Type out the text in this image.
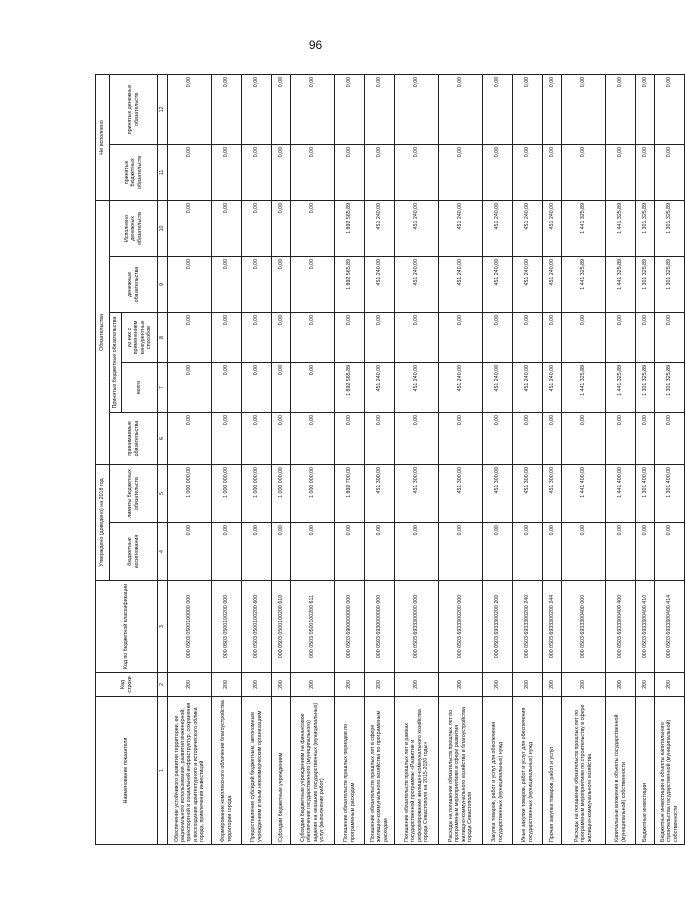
96
Наименование показателя	Код строки	Код по бюджетной классификации	Утверждено (доведено) на 2018 год		Обязательства					Не исполнено	
			бюджетные ассигнования	лимиты бюджетных обязательств	принимаемые обязательства	Принятые бюджетные обязательства		денежные обязательства	Исполнено денежных обязательств	принятых бюджетных обязательств	принятых денежных обязательств
						всего	из них с применением конкурентных способов				
1	2	3	4	5	6	7	8	9	10	11	12
Обеспечение устойчивого развития территории, ее рационального использования, развития инженерной, транспортной и социальной инфраструктур, сохранения и воссоздания архитектурного и исторического облика города, привлечения инвестиций	200	000 0503 0500100000 000	0,00	1 000 000,00	0,00	0,00	0,00	0,00	0,00	0,00	0,00
Формирование комплексного облачения благоустройства территории города	200	000 0503 0500100200 000	0,00	1 000 000,00	0,00	0,00	0,00	0,00	0,00	0,00	0,00
Предоставление субсидий бюджетным, автономным учреждениям и иным некоммерческим организациям	200	000 0503 0500100200 600	0,00	1 000 000,00	0,00	0,00	0,00	0,00	0,00	0,00	0,00
Субсидии бюджетным учреждениям	200	000 0503 0500100200 610	0,00	1 000 000,00	0,00	0,00	0,00	0,00	0,00	0,00	0,00
Субсидии бюджетным учреждениям на финансовое обеспечение государственного (муниципального) задания на оказание государственных (муниципальных) услуг (выполнение работ)	200	000 0503 0500100200 611	0,00	1 000 000,00	0,00	0,00	0,00	0,00	0,00	0,00	0,00
Погашение обязательств прошлых периодов по программным расходам	200	000 0503 6900000000 000	0,00	1 892 700,00	0,00	1 892 565,89	0,00	1 892 565,89	1 892 565,89	0,00	0,00
Погашение обязательств прошлых лет в сфере жилищно-коммунального хозяйства по программным расходам	200	000 0503 6930000000 000	0,00	451 300,00	0,00	451 240,00	0,00	451 240,00	451 240,00	0,00	0,00
Погашение обязательств прошлых лет в рамках государственной программы «Развитие и реформирование жилищно-коммунального хозяйства города Севастополя на 2015-2020 годы»	200	000 0503 6933300000 000	0,00	451 300,00	0,00	451 240,00	0,00	451 240,00	451 240,00	0,00	0,00
Расходы на погашение обязательств прошлых лет по программным мероприятиям в сфере развития жилищно-коммунального хозяйства и благоустройства города Севастополя	200	000 0503 6933300200 000	0,00	451 300,00	0,00	451 240,00	0,00	451 240,00	451 240,00	0,00	0,00
Закупка товаров, работ и услуг для обеспечения государственных (муниципальных) нужд	200	000 0503 6933300200 200	0,00	451 300,00	0,00	451 240,00	0,00	451 240,00	451 240,00	0,00	0,00
Иные закупки товаров, работ и услуг для обеспечения государственных (муниципальных) нужд	200	000 0503 6933300200 240	0,00	451 300,00	0,00	451 240,00	0,00	451 240,00	451 240,00	0,00	0,00
Прочая закупка товаров, работ и услуг	200	000 0503 6933300200 244	0,00	451 300,00	0,00	451 240,00	0,00	451 240,00	451 240,00	0,00	0,00
Расходы на погашение обязательств прошлых лет по программным мероприятиям по строительству в сфере жилищно-коммунального хозяйства	200	000 0503 6933300400 000	0,00	1 441 400,00	0,00	1 441 325,89	0,00	1 441 325,89	1 441 325,89	0,00	0,00
Капитальные вложения в объекты государственной (муниципальной) собственности	200	000 0503 6933300400 400	0,00	1 441 400,00	0,00	1 441 325,89	0,00	1 441 325,89	1 441 325,89	0,00	0,00
Бюджетные инвестиции	200	000 0503 6933300400 410	0,00	1 301 400,00	0,00	1 301 325,89	0,00	1 301 325,89	1 301 325,89	0,00	0,00
Бюджетные инвестиции в объекты капитального строительства государственной (муниципальной) собственности	200	000 0503 6933300400 414	0,00	1 301 400,00	0,00	1 301 325,89	0,00	1 301 325,89	1 301 325,89	0,00	0,00
